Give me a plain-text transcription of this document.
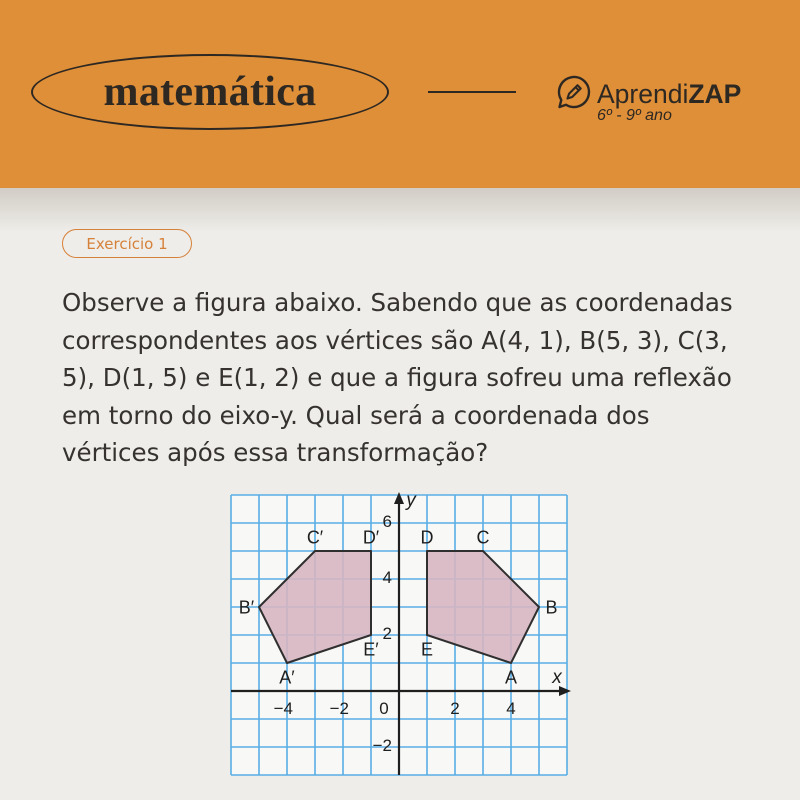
matemática	AprendiZAP
6º - 9º ano
Exercício 1
Observe a figura abaixo. Sabendo que as coordenadas
correspondentes aos vértices são A(4, 1), B(5, 3), C(3,
5), D(1, 5) e E(1, 2) e que a figura sofreu uma reflexão
em torno do eixo-y. Qual será a coordenada dos
vértices após essa transformação?
x
y
−4 −2 0	2	4
6
4
2
−2
A
B
C
D
E
A′
B′
C′ D′
E′
